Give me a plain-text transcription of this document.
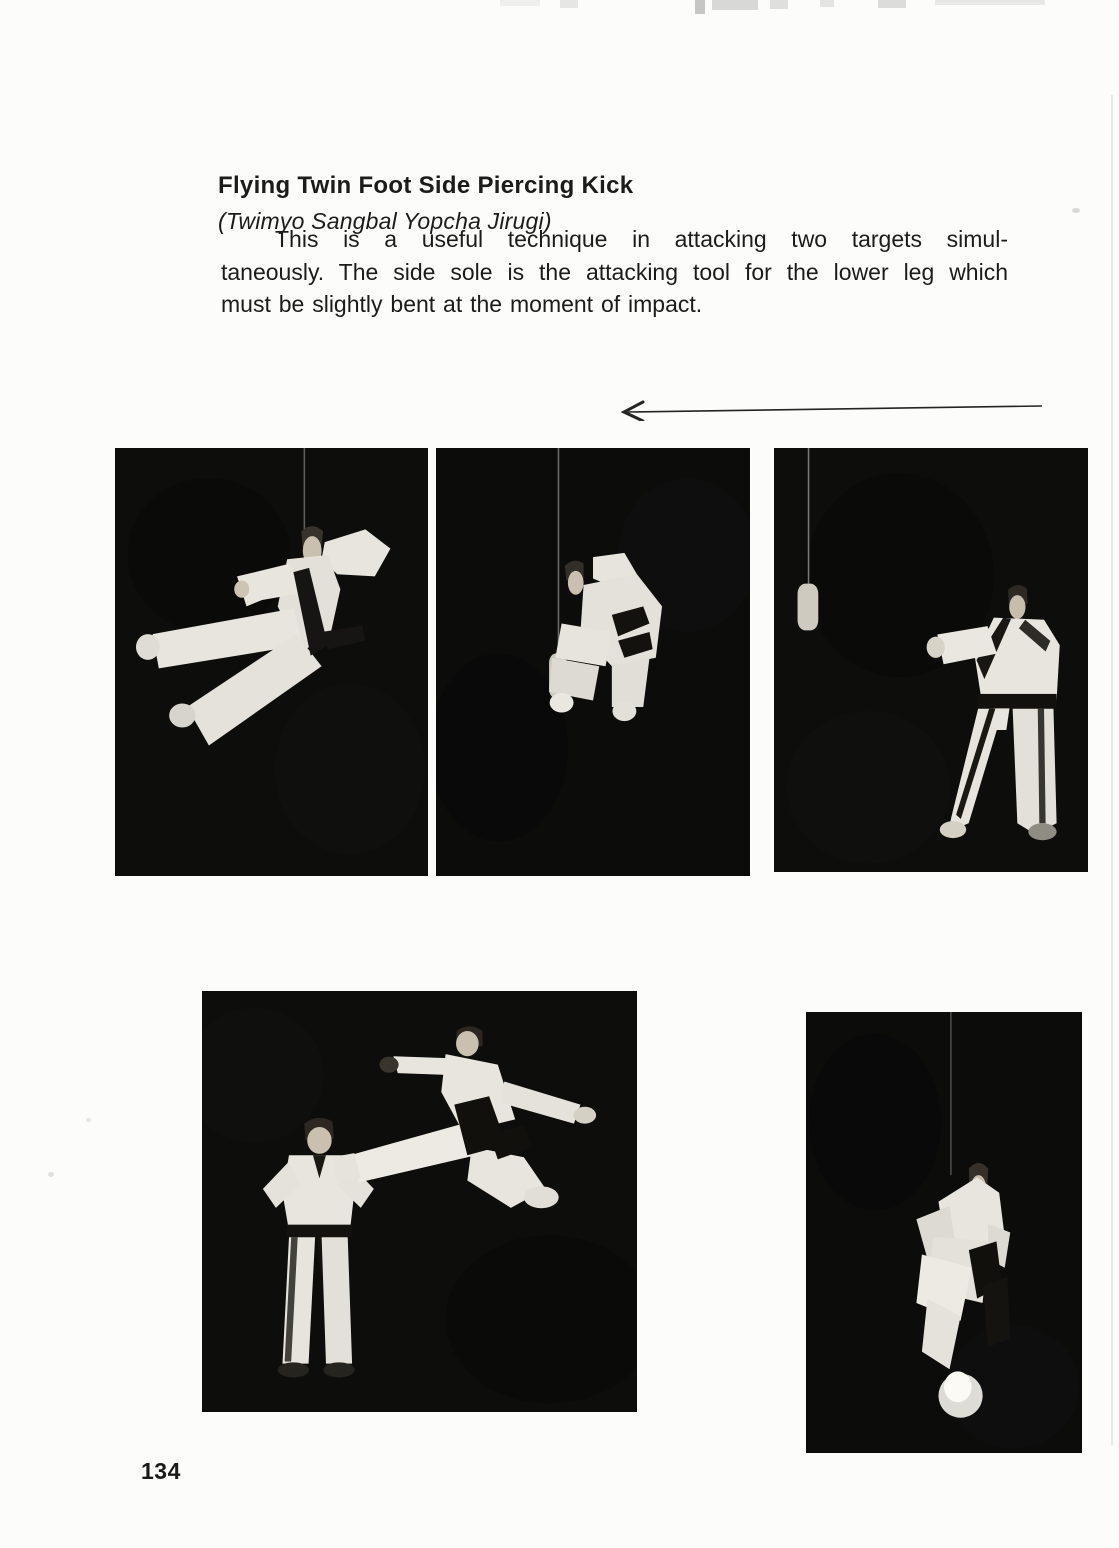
Flying Twin Foot Side Piercing Kick
(Twimyo Sangbal Yopcha Jirugi)
This is a useful technique in attacking two targets simul-
taneously. The side sole is the attacking tool for the lower leg which
must be slightly bent at the moment of impact.
134
